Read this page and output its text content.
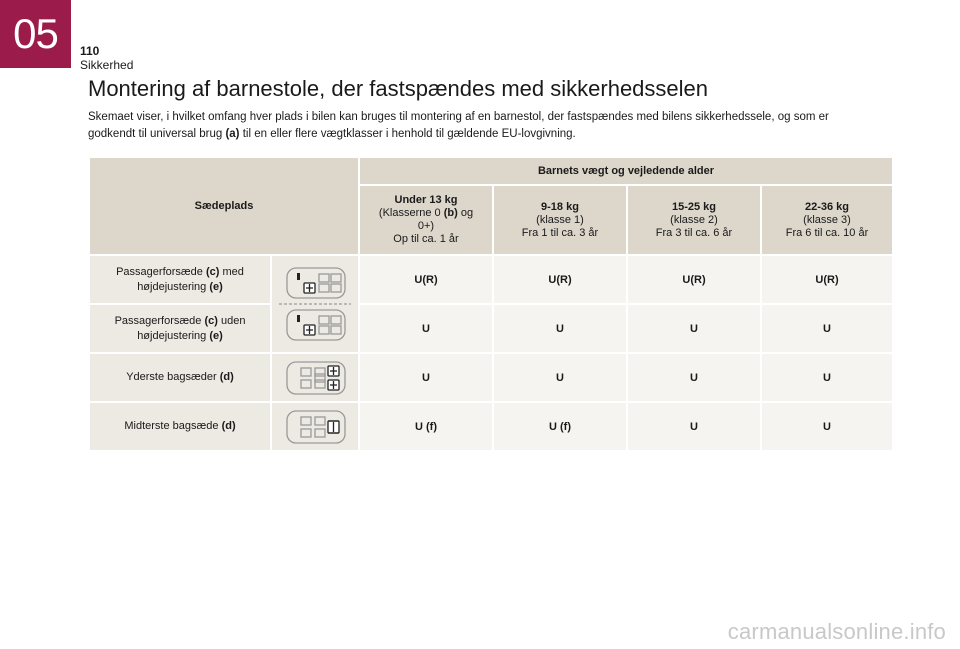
05	110
Sikkerhed
Montering af barnestole, der fastspændes med sikkerhedsselen

Skemaet viser, i hvilket omfang hver plads i bilen kan bruges til montering af en barnestol, der fastspændes med bilens sikkerhedssele, og som er godkendt til universal brug (a) til en eller flere vægtklasser i henhold til gældende EU-lovgivning.

Sædeplads		Barnets vægt og vejledende alder			

		Under 13 kg
(Klasserne 0 (b) og
0+)
Op til ca. 1 år	9-18 kg
(klasse 1)
Fra 1 til ca. 3 år	15-25 kg
(klasse 2)
Fra 3 til ca. 6 år	22-36 kg
(klasse 3)
Fra 6 til ca. 10 år
Passagerforsæde (c) med
højdejustering (e)		U(R)	U(R)	U(R)	U(R)
Passagerforsæde (c) uden
højdejustering (e)		U	U	U	U
Yderste bagsæder (d)		U	U	U	U
Midterste bagsæde (d)		U (f)	U (f)	U	U
carmanualsonline.info
